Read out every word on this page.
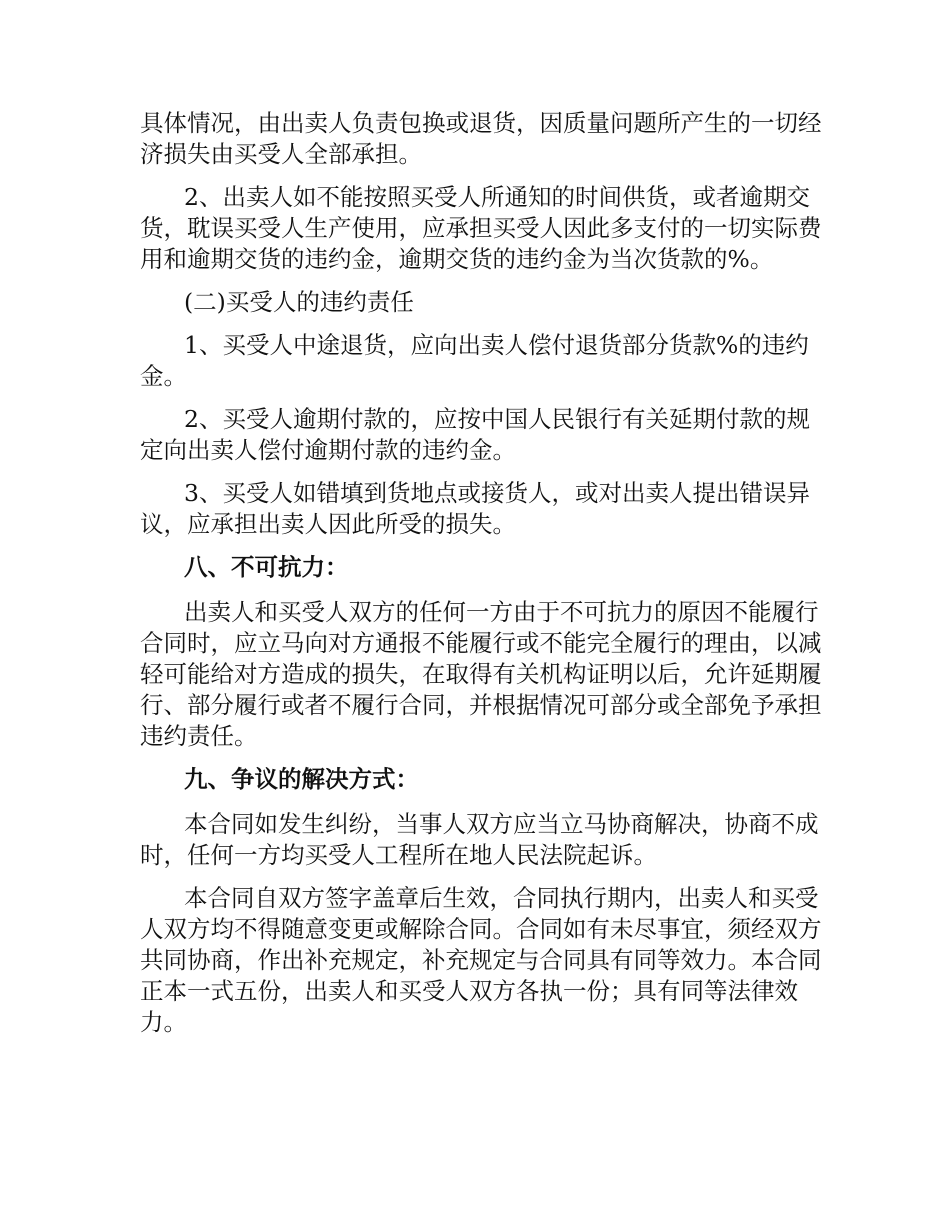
具体情况，由出卖人负责包换或退货，因质量问题所产生的一切经济损失由买受人全部承担。

2、出卖人如不能按照买受人所通知的时间供货，或者逾期交货，耽误买受人生产使用，应承担买受人因此多支付的一切实际费用和逾期交货的违约金，逾期交货的违约金为当次货款的%。

(二)买受人的违约责任

1、买受人中途退货，应向出卖人偿付退货部分货款%的违约金。

2、买受人逾期付款的，应按中国人民银行有关延期付款的规定向出卖人偿付逾期付款的违约金。

3、买受人如错填到货地点或接货人，或对出卖人提出错误异议，应承担出卖人因此所受的损失。

八、不可抗力：

出卖人和买受人双方的任何一方由于不可抗力的原因不能履行合同时，应立马向对方通报不能履行或不能完全履行的理由，以减轻可能给对方造成的损失，在取得有关机构证明以后，允许延期履行、部分履行或者不履行合同，并根据情况可部分或全部免予承担违约责任。

九、争议的解决方式：

本合同如发生纠纷，当事人双方应当立马协商解决，协商不成时，任何一方均买受人工程所在地人民法院起诉。

本合同自双方签字盖章后生效，合同执行期内，出卖人和买受人双方均不得随意变更或解除合同。合同如有未尽事宜，须经双方共同协商，作出补充规定，补充规定与合同具有同等效力。本合同正本一式五份，出卖人和买受人双方各执一份；具有同等法律效力。
